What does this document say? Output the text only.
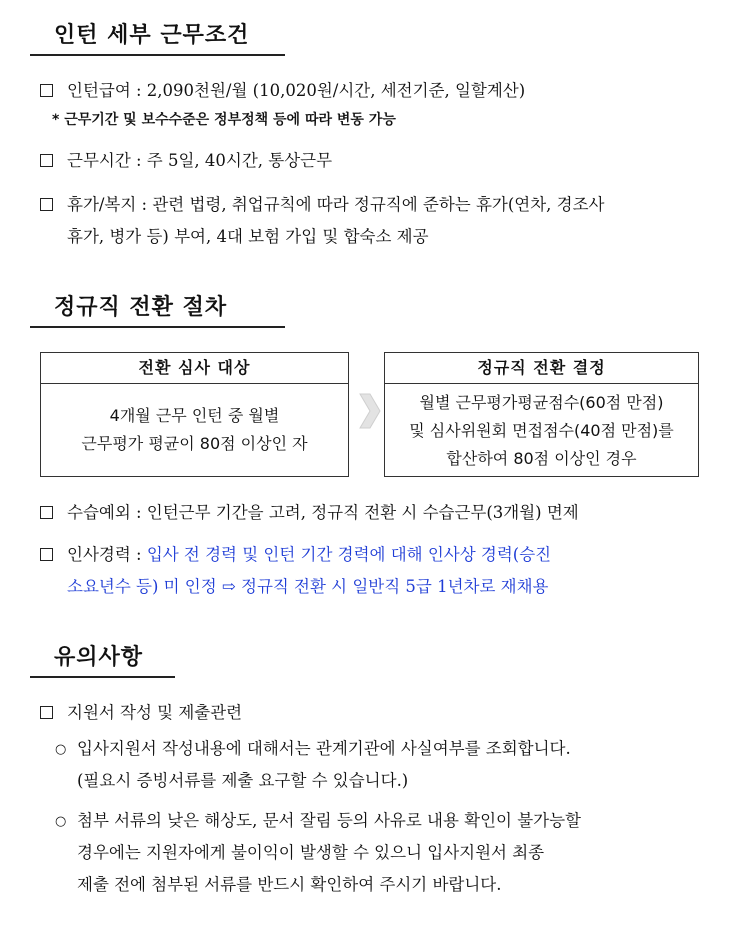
인턴 세부 근무조건
인턴급여 : 2,090천원/월 (10,020원/시간, 세전기준, 일할계산)
* 근무기간 및 보수수준은 정부정책 등에 따라 변동 가능
근무시간 : 주 5일, 40시간, 통상근무
휴가/복지 : 관련 법령, 취업규칙에 따라 정규직에 준하는 휴가(연차, 경조사
휴가, 병가 등) 부여, 4대 보험 가입 및 합숙소 제공
정규직 전환 절차
전환 심사 대상
4개월 근무 인턴 중 월별
근무평가 평균이 80점 이상인 자
정규직 전환 결정
월별 근무평가평균점수(60점 만점)
및 심사위원회 면접점수(40점 만점)를
합산하여 80점 이상인 경우
수습예외 : 인턴근무 기간을 고려, 정규직 전환 시 수습근무(3개월) 면제
인사경력 : 입사 전 경력 및 인턴 기간 경력에 대해 인사상 경력(승진
소요년수 등) 미 인정 ⇨ 정규직 전환 시 일반직 5급 1년차로 재채용
유의사항
지원서 작성 및 제출관련
○ 입사지원서 작성내용에 대해서는 관계기관에 사실여부를 조회합니다.
(필요시 증빙서류를 제출 요구할 수 있습니다.)
○ 첨부 서류의 낮은 해상도, 문서 잘림 등의 사유로 내용 확인이 불가능할
경우에는 지원자에게 불이익이 발생할 수 있으니 입사지원서 최종
제출 전에 첨부된 서류를 반드시 확인하여 주시기 바랍니다.
